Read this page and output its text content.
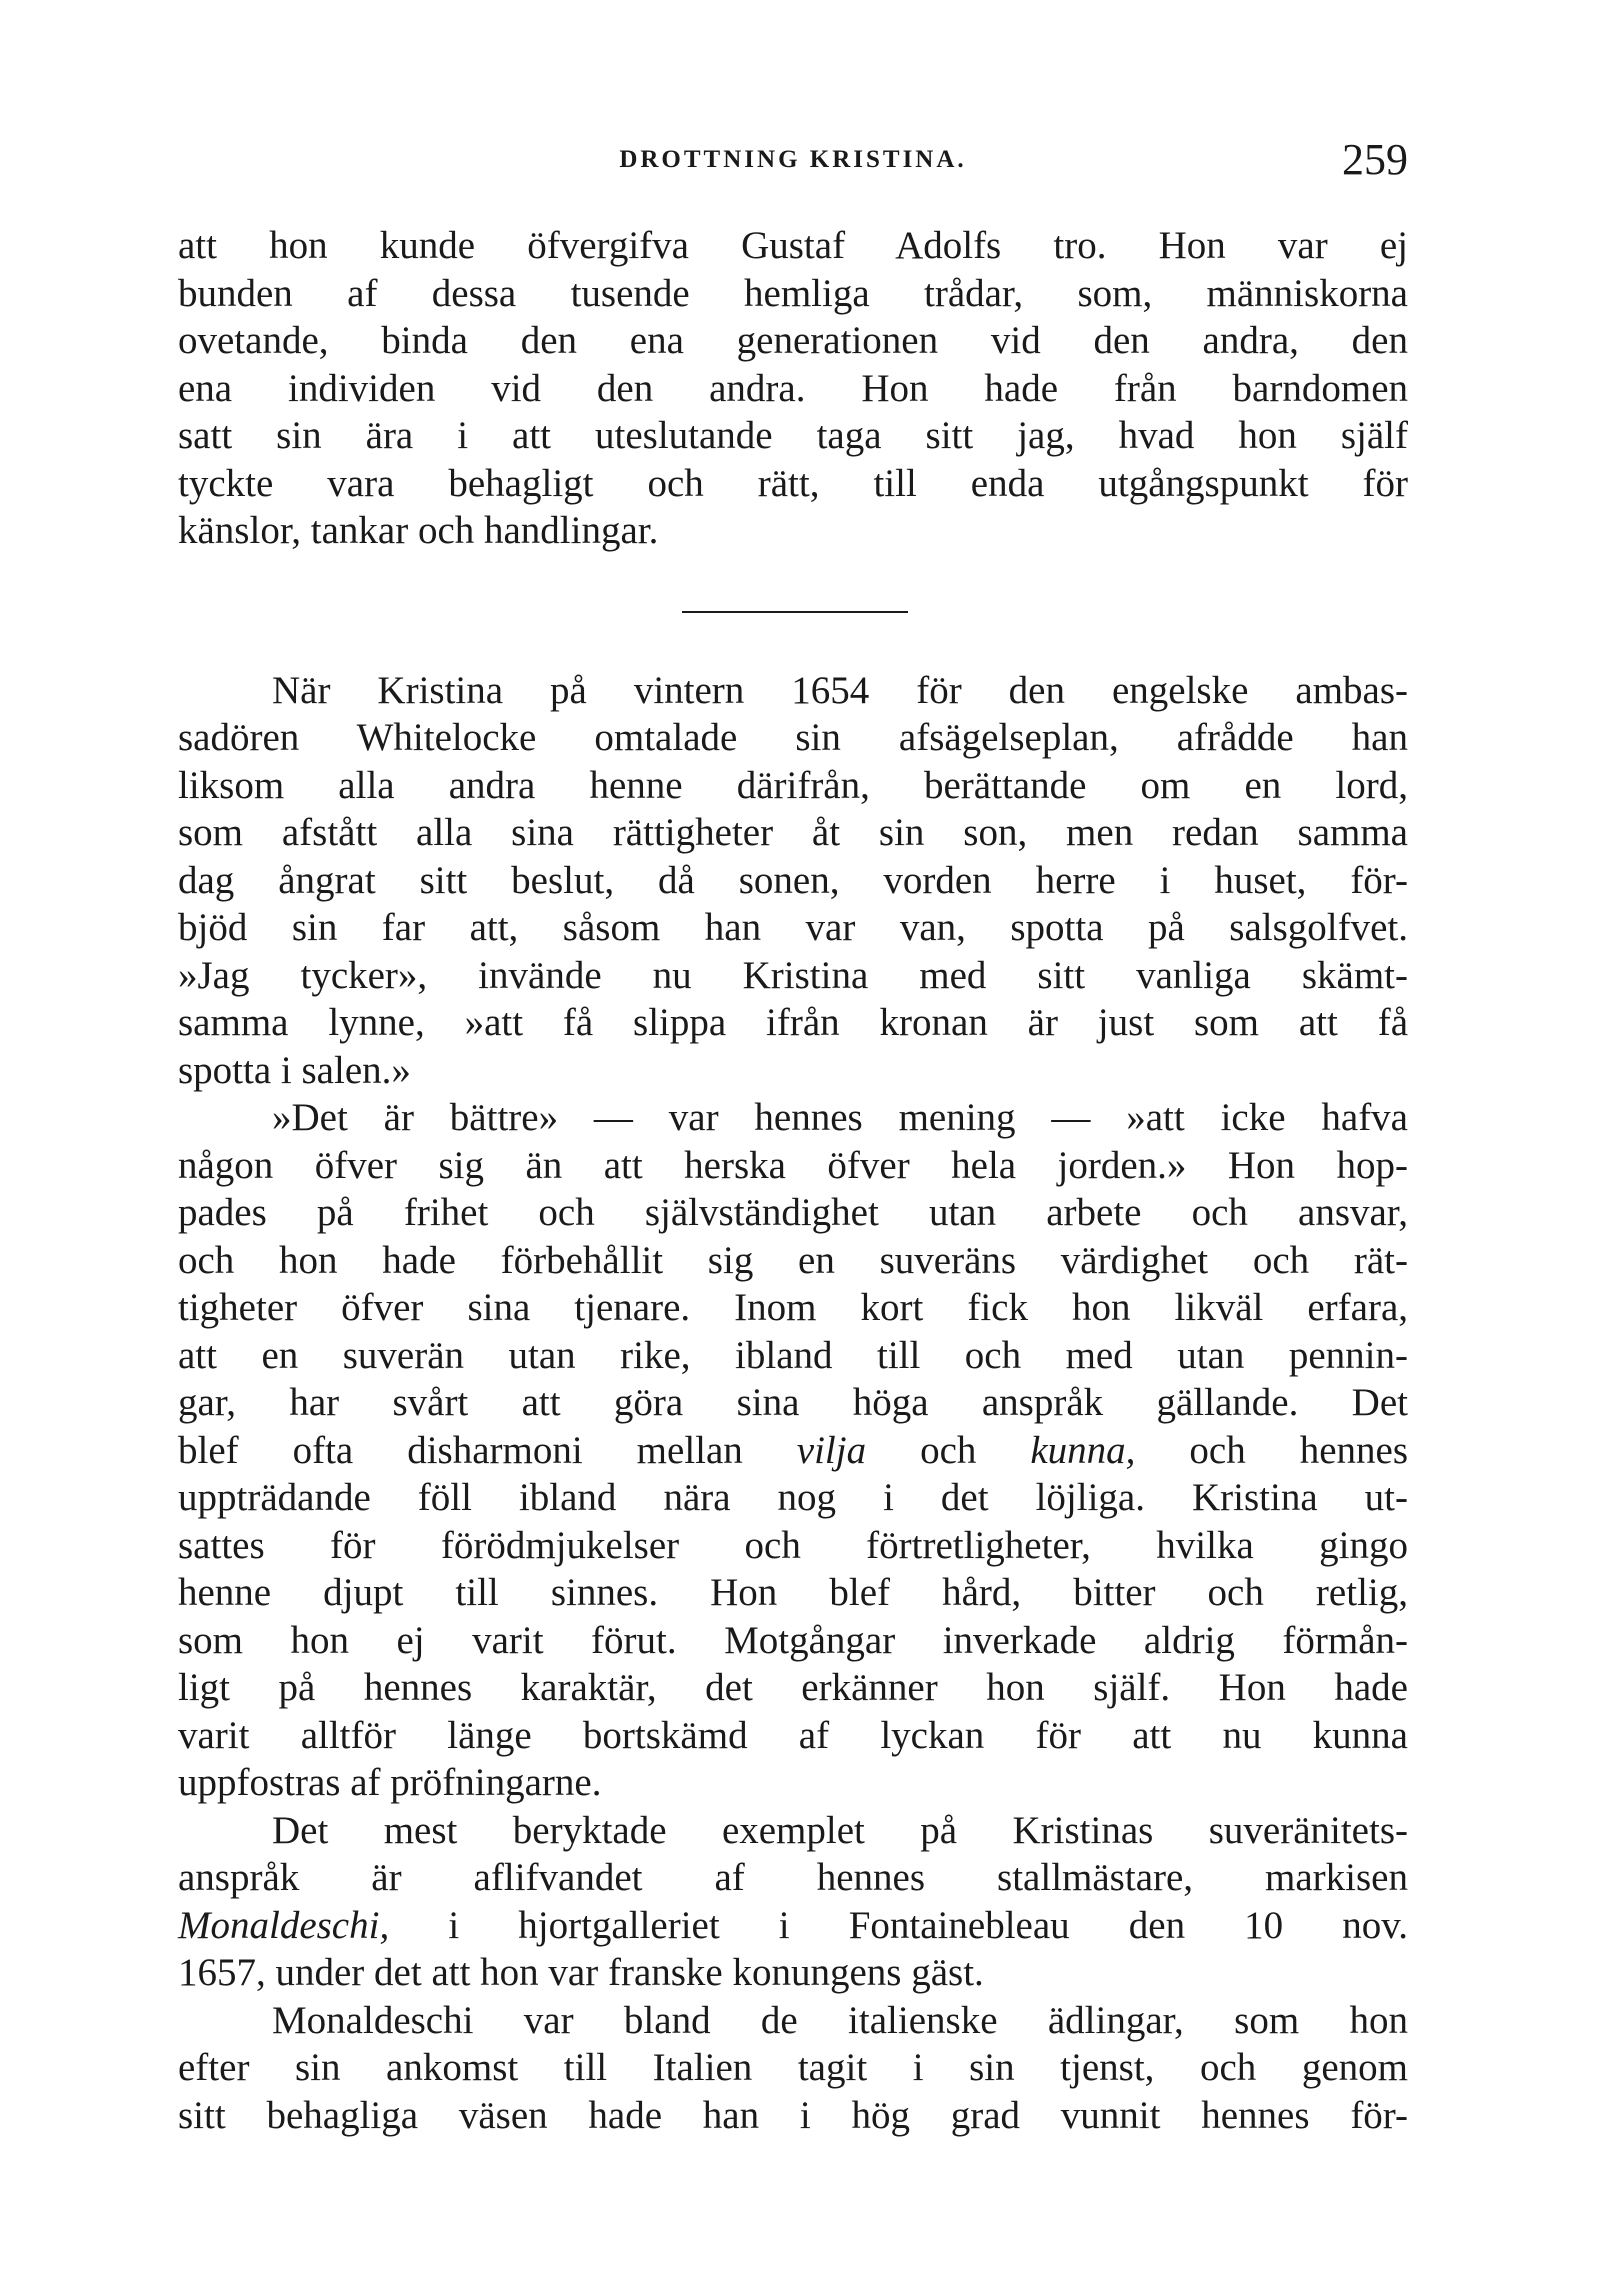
DROTTNING KRISTINA.	259
att hon kunde öfvergifva Gustaf Adolfs tro. Hon var ej
bunden af dessa tusende hemliga trådar, som, människorna
ovetande, binda den ena generationen vid den andra, den
ena individen vid den andra. Hon hade från barndomen
satt sin ära i att uteslutande taga sitt jag, hvad hon själf
tyckte vara behagligt och rätt, till enda utgångspunkt för
känslor, tankar och handlingar.
När Kristina på vintern 1654 för den engelske ambas-
sadören Whitelocke omtalade sin afsägelseplan, afrådde han
liksom alla andra henne därifrån, berättande om en lord,
som afstått alla sina rättigheter åt sin son, men redan samma
dag ångrat sitt beslut, då sonen, vorden herre i huset, för-
bjöd sin far att, såsom han var van, spotta på salsgolfvet.
»Jag tycker», invände nu Kristina med sitt vanliga skämt-
samma lynne, »att få slippa ifrån kronan är just som att få
spotta i salen.»
»Det är bättre» — var hennes mening — »att icke hafva
någon öfver sig än att herska öfver hela jorden.» Hon hop-
pades på frihet och självständighet utan arbete och ansvar,
och hon hade förbehållit sig en suveräns värdighet och rät-
tigheter öfver sina tjenare. Inom kort fick hon likväl erfara,
att en suverän utan rike, ibland till och med utan pennin-
gar, har svårt att göra sina höga anspråk gällande. Det
blef ofta disharmoni mellan vilja och kunna, och hennes
uppträdande föll ibland nära nog i det löjliga. Kristina ut-
sattes för förödmjukelser och förtretligheter, hvilka gingo
henne djupt till sinnes. Hon blef hård, bitter och retlig,
som hon ej varit förut. Motgångar inverkade aldrig förmån-
ligt på hennes karaktär, det erkänner hon själf. Hon hade
varit alltför länge bortskämd af lyckan för att nu kunna
uppfostras af pröfningarne.
Det mest beryktade exemplet på Kristinas suveränitets-
anspråk är aflifvandet af hennes stallmästare, markisen
Monaldeschi, i hjortgalleriet i Fontainebleau den 10 nov.
1657, under det att hon var franske konungens gäst.
Monaldeschi var bland de italienske ädlingar, som hon
efter sin ankomst till Italien tagit i sin tjenst, och genom
sitt behagliga väsen hade han i hög grad vunnit hennes för-
